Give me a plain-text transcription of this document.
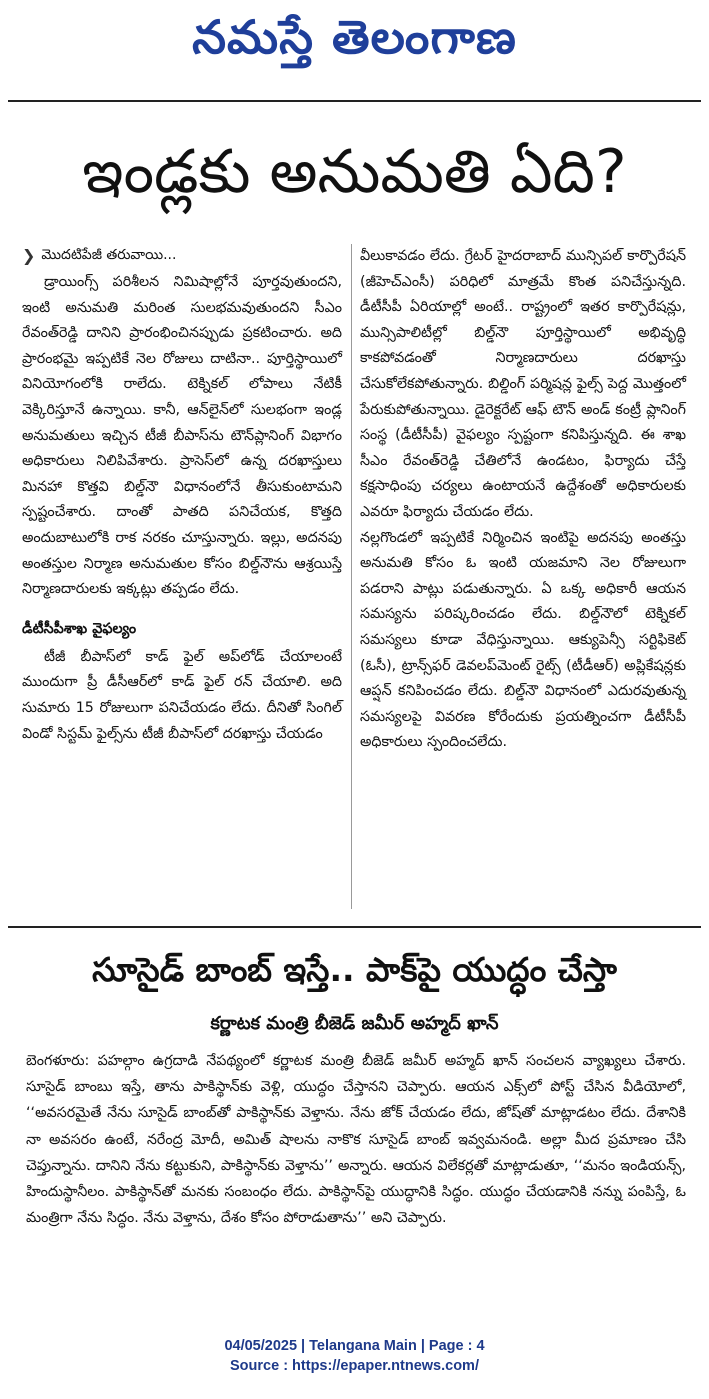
నమస్తే తెలంగాణ
ఇండ్లకు అనుమతి ఏది?
❯ మొదటిపేజీ తరువాయి...

డ్రాయింగ్స్ పరిశీలన నిమిషాల్లోనే పూర్తవుతుందని, ఇంటి అనుమతి మరింత సులభమవుతుందని సీఎం రేవంత్‌రెడ్డి దానిని ప్రారంభించినప్పుడు ప్రకటించారు. అది ప్రారంభమై ఇప్పటికే నెల రోజులు దాటినా.. పూర్తిస్థాయిలో వినియోగంలోకి రాలేదు. టెక్నికల్ లోపాలు నేటికీ వెక్కిరిస్తూనే ఉన్నాయి. కానీ, ఆన్‌లైన్‌లో సులభంగా ఇండ్ల అనుమతులు ఇచ్చిన టీజీ బీపాస్‌ను టౌన్‌ప్లానింగ్ విభాగం అధికారులు నిలిపివేశారు. ప్రాసెస్‌లో ఉన్న దరఖాస్తులు మినహా కొత్తవి బిల్డ్‌నౌ విధానంలోనే తీసుకుంటామని స్పష్టంచేశారు. దాంతో పాతది పనిచేయక, కొత్తది అందుబాటులోకి రాక నరకం చూస్తున్నారు. ఇల్లు, అదనపు అంతస్తుల నిర్మాణ అనుమతుల కోసం బిల్డ్‌నౌను ఆశ్రయిస్తే నిర్మాణదారులకు ఇక్కట్లు తప్పడం లేదు.

డీటీసీపీశాఖ వైఫల్యం

టీజీ బీపాస్‌లో కాడ్ ఫైల్ అప్‌లోడ్ చేయాలంటే ముందుగా ప్రీ డీసీఆర్‌లో కాడ్ ఫైల్ రన్ చేయాలి. అది సుమారు 15 రోజులుగా పనిచేయడం లేదు. దీనితో సింగిల్ విండో సిస్టమ్ ఫైల్స్‌ను టీజీ బీపాస్‌లో దరఖాస్తు చేయడం

వీలుకావడం లేదు. గ్రేటర్ హైదరాబాద్ మున్సిపల్ కార్పొరేషన్ (జీహెచ్‌ఎంసీ) పరిధిలో మాత్రమే కొంత పనిచేస్తున్నది. డీటీసీపీ ఏరియాల్లో అంటే.. రాష్ట్రంలో ఇతర కార్పొరేషన్లు, మున్సిపాలిటీల్లో బిల్డ్‌నౌ పూర్తిస్థాయిలో అభివృద్ధి కాకపోవడంతో నిర్మాణదారులు దరఖాస్తు చేసుకోలేకపోతున్నారు. బిల్డింగ్ పర్మిషన్ల ఫైల్స్ పెద్ద మొత్తంలో పేరుకుపోతున్నాయి. డైరెక్టరేట్ ఆఫ్ టౌన్ అండ్ కంట్రీ ప్లానింగ్ సంస్థ (డీటీసీపీ) వైఫల్యం స్పష్టంగా కనిపిస్తున్నది. ఈ శాఖ సీఎం రేవంత్‌రెడ్డి చేతిలోనే ఉండటం, ఫిర్యాదు చేస్తే కక్షసాధింపు చర్యలు ఉంటాయనే ఉద్దేశంతో అధికారులకు ఎవరూ ఫిర్యాదు చేయడం లేదు.

నల్లగొండలో ఇప్పటికే నిర్మించిన ఇంటిపై అదనపు అంతస్తు అనుమతి కోసం ఓ ఇంటి యజమాని నెల రోజులుగా పడరాని పాట్లు పడుతున్నారు. ఏ ఒక్క అధికారీ ఆయన సమస్యను పరిష్కరించడం లేదు. బిల్డ్‌నౌలో టెక్నికల్ సమస్యలు కూడా వేధిస్తున్నాయి. ఆక్యుపెన్సీ సర్టిఫికెట్ (ఓసీ), ట్రాన్స్‌ఫర్ డెవలప్‌మెంట్ రైట్స్ (టీడీఆర్) అప్లికేషన్లకు ఆప్షన్ కనిపించడం లేదు. బిల్డ్‌నౌ విధానంలో ఎదురవుతున్న సమస్యలపై వివరణ కోరేందుకు ప్రయత్నించగా డీటీసీపీ అధికారులు స్పందించలేదు.

సూసైడ్ బాంబ్ ఇస్తే.. పాక్‌పై యుద్ధం చేస్తా
కర్ణాటక మంత్రి బీజెడ్ జమీర్ అహ్మద్ ఖాన్

బెంగళూరు: పహల్గాం ఉగ్రదాడి నేపథ్యంలో కర్ణాటక మంత్రి బీజెడ్ జమీర్ అహ్మద్ ఖాన్ సంచలన వ్యాఖ్యలు చేశారు. సూసైడ్ బాంబు ఇస్తే, తాను పాకిస్థాన్‌కు వెళ్లి, యుద్ధం చేస్తానని చెప్పారు. ఆయన ఎక్స్‌లో పోస్ట్ చేసిన వీడియోలో, ‘‘అవసరమైతే నేను సూసైడ్ బాంబ్‌తో పాకిస్థాన్‌కు వెళ్తాను. నేను జోక్ చేయడం లేదు, జోష్‌తో మాట్లాడటం లేదు. దేశానికి నా అవసరం ఉంటే, నరేంద్ర మోదీ, అమిత్ షాలను నాకొక సూసైడ్ బాంబ్ ఇవ్వమనండి. అల్లా మీద ప్రమాణం చేసి చెప్తున్నాను. దానిని నేను కట్టుకుని, పాకిస్థాన్‌కు వెళ్తాను’’ అన్నారు. ఆయన విలేకర్లతో మాట్లాడుతూ, ‘‘మనం ఇండియన్స్, హిందుస్థానీలం. పాకిస్థాన్‌తో మనకు సంబంధం లేదు. పాకిస్థాన్‌పై యుద్ధానికి సిద్ధం. యుద్ధం చేయడానికి నన్ను పంపిస్తే, ఓ మంత్రిగా నేను సిద్ధం. నేను వెళ్తాను, దేశం కోసం పోరాడుతాను’’ అని చెప్పారు.

04/05/2025 | Telangana Main | Page : 4
Source : https://epaper.ntnews.com/
